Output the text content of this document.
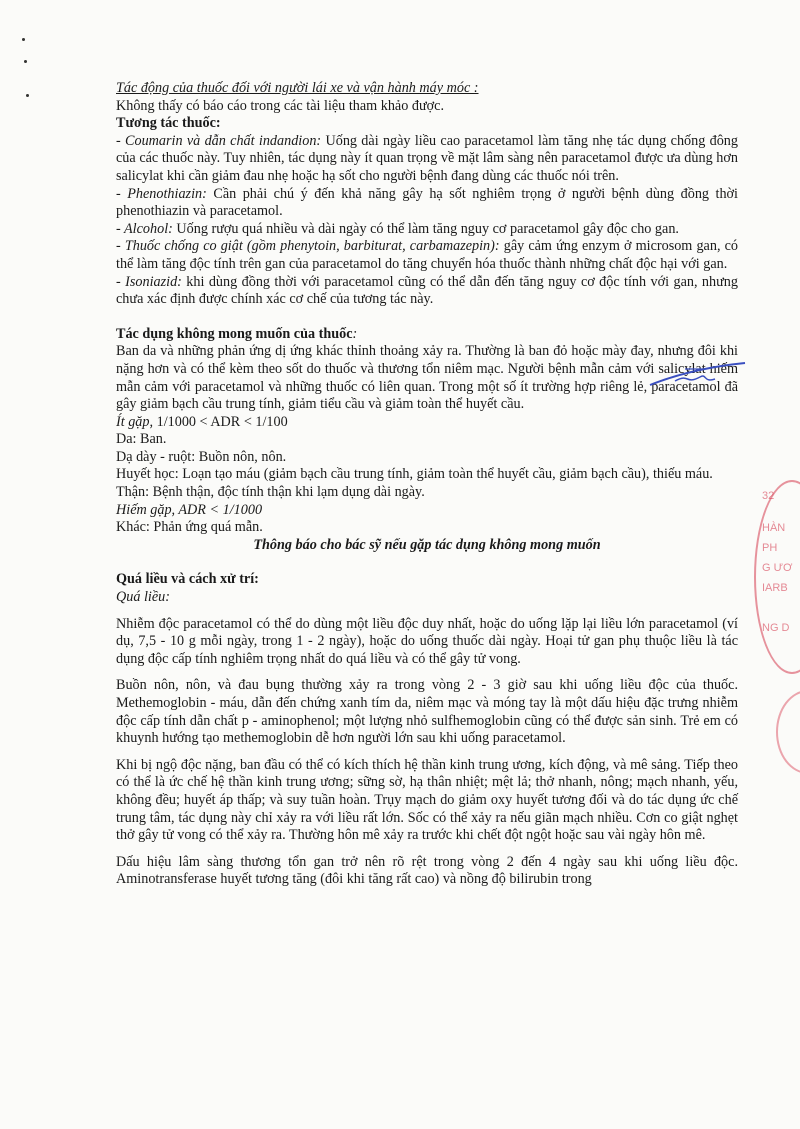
Tác động của thuốc đối với người lái xe và vận hành máy móc :

Không thấy có báo cáo trong các tài liệu tham khảo được.

Tương tác thuốc:

- Coumarin và dẫn chất indandion: Uống dài ngày liều cao paracetamol làm tăng nhẹ tác dụng chống đông của các thuốc này. Tuy nhiên, tác dụng này ít quan trọng về mặt lâm sàng nên paracetamol được ưa dùng hơn salicylat khi cần giảm đau nhẹ hoặc hạ sốt cho người bệnh đang dùng các thuốc nói trên.

- Phenothiazin: Cần phải chú ý đến khả năng gây hạ sốt nghiêm trọng ở người bệnh dùng đồng thời phenothiazin và paracetamol.

- Alcohol: Uống rượu quá nhiều và dài ngày có thể làm tăng nguy cơ paracetamol gây độc cho gan.

- Thuốc chống co giật (gồm phenytoin, barbiturat, carbamazepin): gây cảm ứng enzym ở microsom gan, có thể làm tăng độc tính trên gan của paracetamol do tăng chuyển hóa thuốc thành những chất độc hại với gan.

- Isoniazid: khi dùng đồng thời với paracetamol cũng có thể dẫn đến tăng nguy cơ độc tính với gan, nhưng chưa xác định được chính xác cơ chế của tương tác này.

Tác dụng không mong muốn của thuốc:

Ban da và những phản ứng dị ứng khác thỉnh thoảng xảy ra. Thường là ban đỏ hoặc mày đay, nhưng đôi khi nặng hơn và có thể kèm theo sốt do thuốc và thương tổn niêm mạc. Người bệnh mẫn cảm với salicylat hiếm mẫn cảm với paracetamol và những thuốc có liên quan. Trong một số ít trường hợp riêng lẻ, paracetamol đã gây giảm bạch cầu trung tính, giảm tiểu cầu và giảm toàn thể huyết cầu.

Ít gặp, 1/1000 < ADR < 1/100

Da: Ban.

Dạ dày - ruột: Buồn nôn, nôn.

Huyết học: Loạn tạo máu (giảm bạch cầu trung tính, giảm toàn thể huyết cầu, giảm bạch cầu), thiếu máu.

Thận: Bệnh thận, độc tính thận khi lạm dụng dài ngày.

Hiếm gặp, ADR < 1/1000

Khác: Phản ứng quá mẫn.

Thông báo cho bác sỹ nếu gặp tác dụng không mong muốn

Quá liều và cách xử trí:

Quá liều:

Nhiễm độc paracetamol có thể do dùng một liều độc duy nhất, hoặc do uống lặp lại liều lớn paracetamol (ví dụ, 7,5 - 10 g mỗi ngày, trong 1 - 2 ngày), hoặc do uống thuốc dài ngày. Hoại tử gan phụ thuộc liều là tác dụng độc cấp tính nghiêm trọng nhất do quá liều và có thể gây tử vong.

Buồn nôn, nôn, và đau bụng thường xảy ra trong vòng 2 - 3 giờ sau khi uống liều độc của thuốc. Methemoglobin - máu, dẫn đến chứng xanh tím da, niêm mạc và móng tay là một dấu hiệu đặc trưng nhiễm độc cấp tính dẫn chất p - aminophenol; một lượng nhỏ sulfhemoglobin cũng có thể được sản sinh. Trẻ em có khuynh hướng tạo methemoglobin dễ hơn người lớn sau khi uống paracetamol.

Khi bị ngộ độc nặng, ban đầu có thể có kích thích hệ thần kinh trung ương, kích động, và mê sảng. Tiếp theo có thể là ức chế hệ thần kinh trung ương; sững sờ, hạ thân nhiệt; mệt lả; thở nhanh, nông; mạch nhanh, yếu, không đều; huyết áp thấp; và suy tuần hoàn. Trụy mạch do giảm oxy huyết tương đối và do tác dụng ức chế trung tâm, tác dụng này chỉ xảy ra với liều rất lớn. Sốc có thể xảy ra nếu giãn mạch nhiều. Cơn co giật nghẹt thở gây tử vong có thể xảy ra. Thường hôn mê xảy ra trước khi chết đột ngột hoặc sau vài ngày hôn mê.

Dấu hiệu lâm sàng thương tổn gan trở nên rõ rệt trong vòng 2 đến 4 ngày sau khi uống liều độc. Aminotransferase huyết tương tăng (đôi khi tăng rất cao) và nồng độ bilirubin trong

32
HÀN
PH
G ƯƠ
IARB
NG D
